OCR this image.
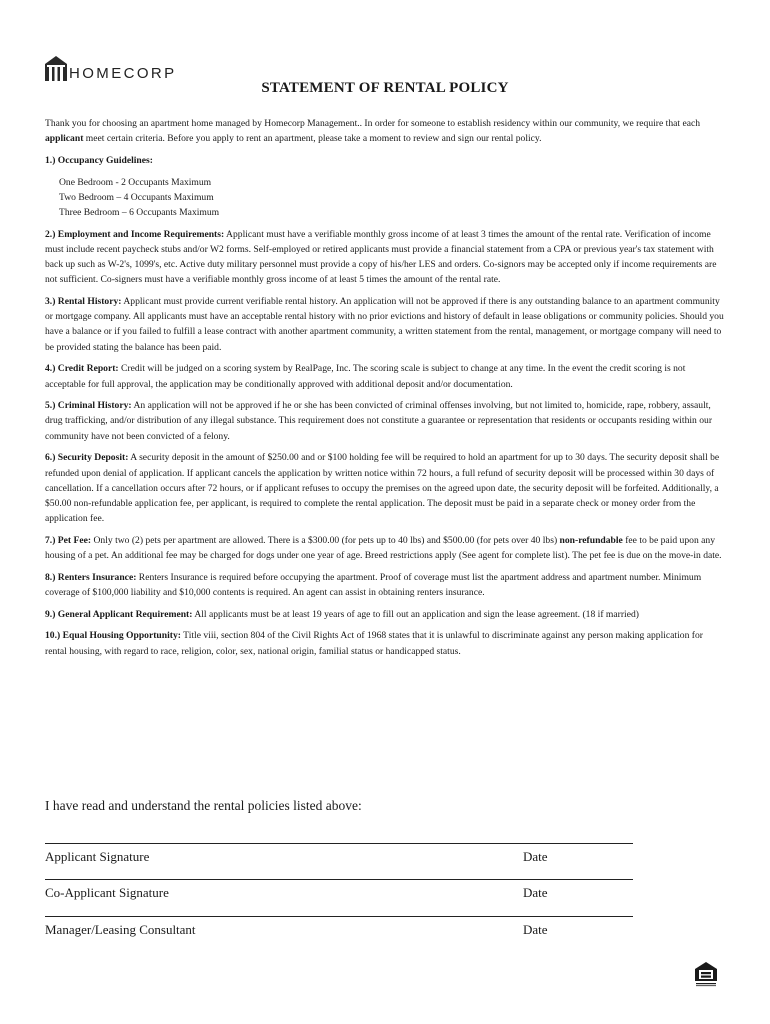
HOMECORP
STATEMENT OF RENTAL POLICY

Thank you for choosing an apartment home managed by Homecorp Management.. In order for someone to establish residency within our community, we require that each applicant meet certain criteria. Before you apply to rent an apartment, please take a moment to review and sign our rental policy.

1.) Occupancy Guidelines:

One Bedroom - 2 Occupants Maximum
Two Bedroom – 4 Occupants Maximum
Three Bedroom – 6 Occupants Maximum

2.) Employment and Income Requirements: Applicant must have a verifiable monthly gross income of at least 3 times the amount of the rental rate. Verification of income must include recent paycheck stubs and/or W2 forms. Self-employed or retired applicants must provide a financial statement from a CPA or previous year's tax statement with back up such as W-2's, 1099's, etc. Active duty military personnel must provide a copy of his/her LES and orders. Co-signors may be accepted only if income requirements are not sufficient. Co-signers must have a verifiable monthly gross income of at least 5 times the amount of the rental rate.

3.) Rental History: Applicant must provide current verifiable rental history. An application will not be approved if there is any outstanding balance to an apartment community or mortgage company. All applicants must have an acceptable rental history with no prior evictions and history of default in lease obligations or community policies. Should you have a balance or if you failed to fulfill a lease contract with another apartment community, a written statement from the rental, management, or mortgage company will need to be provided stating the balance has been paid.

4.) Credit Report: Credit will be judged on a scoring system by RealPage, Inc. The scoring scale is subject to change at any time. In the event the credit scoring is not acceptable for full approval, the application may be conditionally approved with additional deposit and/or documentation.

5.) Criminal History: An application will not be approved if he or she has been convicted of criminal offenses involving, but not limited to, homicide, rape, robbery, assault, drug trafficking, and/or distribution of any illegal substance. This requirement does not constitute a guarantee or representation that residents or occupants residing within our community have not been convicted of a felony.

6.) Security Deposit: A security deposit in the amount of $250.00 and or $100 holding fee will be required to hold an apartment for up to 30 days. The security deposit shall be refunded upon denial of application. If applicant cancels the application by written notice within 72 hours, a full refund of security deposit will be processed within 30 days of cancellation. If a cancellation occurs after 72 hours, or if applicant refuses to occupy the premises on the agreed upon date, the security deposit will be forfeited. Additionally, a $50.00 non-refundable application fee, per applicant, is required to complete the rental application. The deposit must be paid in a separate check or money order from the application fee.

7.) Pet Fee: Only two (2) pets per apartment are allowed. There is a $300.00 (for pets up to 40 lbs) and $500.00 (for pets over 40 lbs) non-refundable fee to be paid upon any housing of a pet. An additional fee may be charged for dogs under one year of age. Breed restrictions apply (See agent for complete list). The pet fee is due on the move-in date.

8.) Renters Insurance: Renters Insurance is required before occupying the apartment. Proof of coverage must list the apartment address and apartment number. Minimum coverage of $100,000 liability and $10,000 contents is required. An agent can assist in obtaining renters insurance.

9.) General Applicant Requirement: All applicants must be at least 19 years of age to fill out an application and sign the lease agreement. (18 if married)

10.) Equal Housing Opportunity: Title viii, section 804 of the Civil Rights Act of 1968 states that it is unlawful to discriminate against any person making application for rental housing, with regard to race, religion, color, sex, national origin, familial status or handicapped status.

I have read and understand the rental policies listed above:
Applicant Signature	Date
Co-Applicant Signature	Date
Manager/Leasing Consultant	Date
